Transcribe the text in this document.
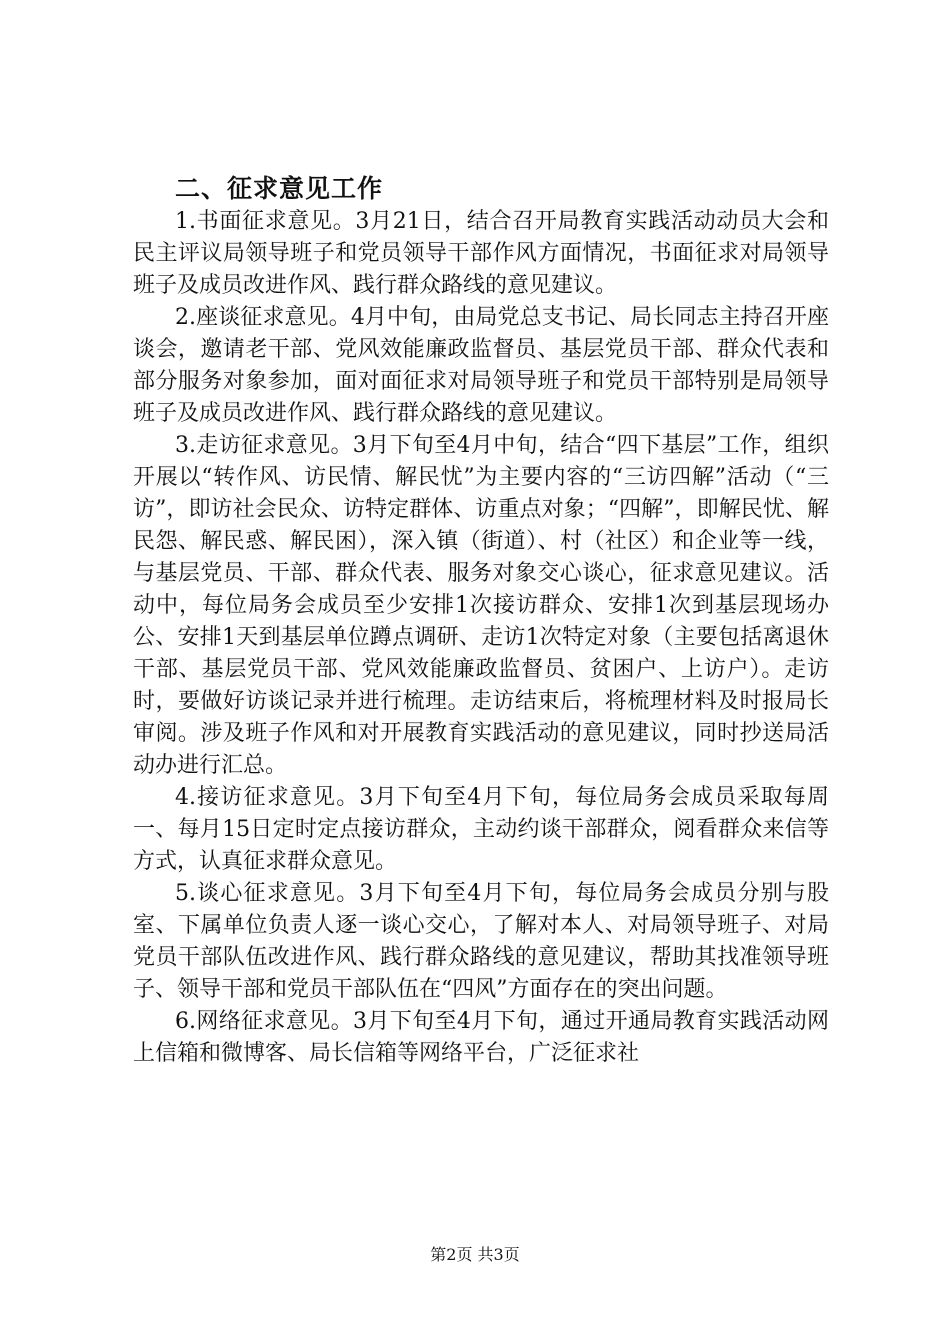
二、征求意见工作

1.书面征求意见。3月21日，结合召开局教育实践活动动员大会和民主评议局领导班子和党员领导干部作风方面情况，书面征求对局领导班子及成员改进作风、践行群众路线的意见建议。

2.座谈征求意见。4月中旬，由局党总支书记、局长同志主持召开座谈会，邀请老干部、党风效能廉政监督员、基层党员干部、群众代表和部分服务对象参加，面对面征求对局领导班子和党员干部特别是局领导班子及成员改进作风、践行群众路线的意见建议。

3.走访征求意见。3月下旬至4月中旬，结合“四下基层”工作，组织开展以“转作风、访民情、解民忧”为主要内容的“三访四解”活动（“三访”，即访社会民众、访特定群体、访重点对象；“四解”，即解民忧、解民怨、解民惑、解民困），深入镇（街道）、村（社区）和企业等一线，与基层党员、干部、群众代表、服务对象交心谈心，征求意见建议。活动中，每位局务会成员至少安排1次接访群众、安排1次到基层现场办公、安排1天到基层单位蹲点调研、走访1次特定对象（主要包括离退休干部、基层党员干部、党风效能廉政监督员、贫困户、上访户）。走访时，要做好访谈记录并进行梳理。走访结束后，将梳理材料及时报局长审阅。涉及班子作风和对开展教育实践活动的意见建议，同时抄送局活动办进行汇总。

4.接访征求意见。3月下旬至4月下旬，每位局务会成员采取每周一、每月15日定时定点接访群众，主动约谈干部群众，阅看群众来信等方式，认真征求群众意见。

5.谈心征求意见。3月下旬至4月下旬，每位局务会成员分别与股室、下属单位负责人逐一谈心交心，了解对本人、对局领导班子、对局党员干部队伍改进作风、践行群众路线的意见建议，帮助其找准领导班子、领导干部和党员干部队伍在“四风”方面存在的突出问题。

6.网络征求意见。3月下旬至4月下旬，通过开通局教育实践活动网上信箱和微博客、局长信箱等网络平台，广泛征求社

第2页 共3页
